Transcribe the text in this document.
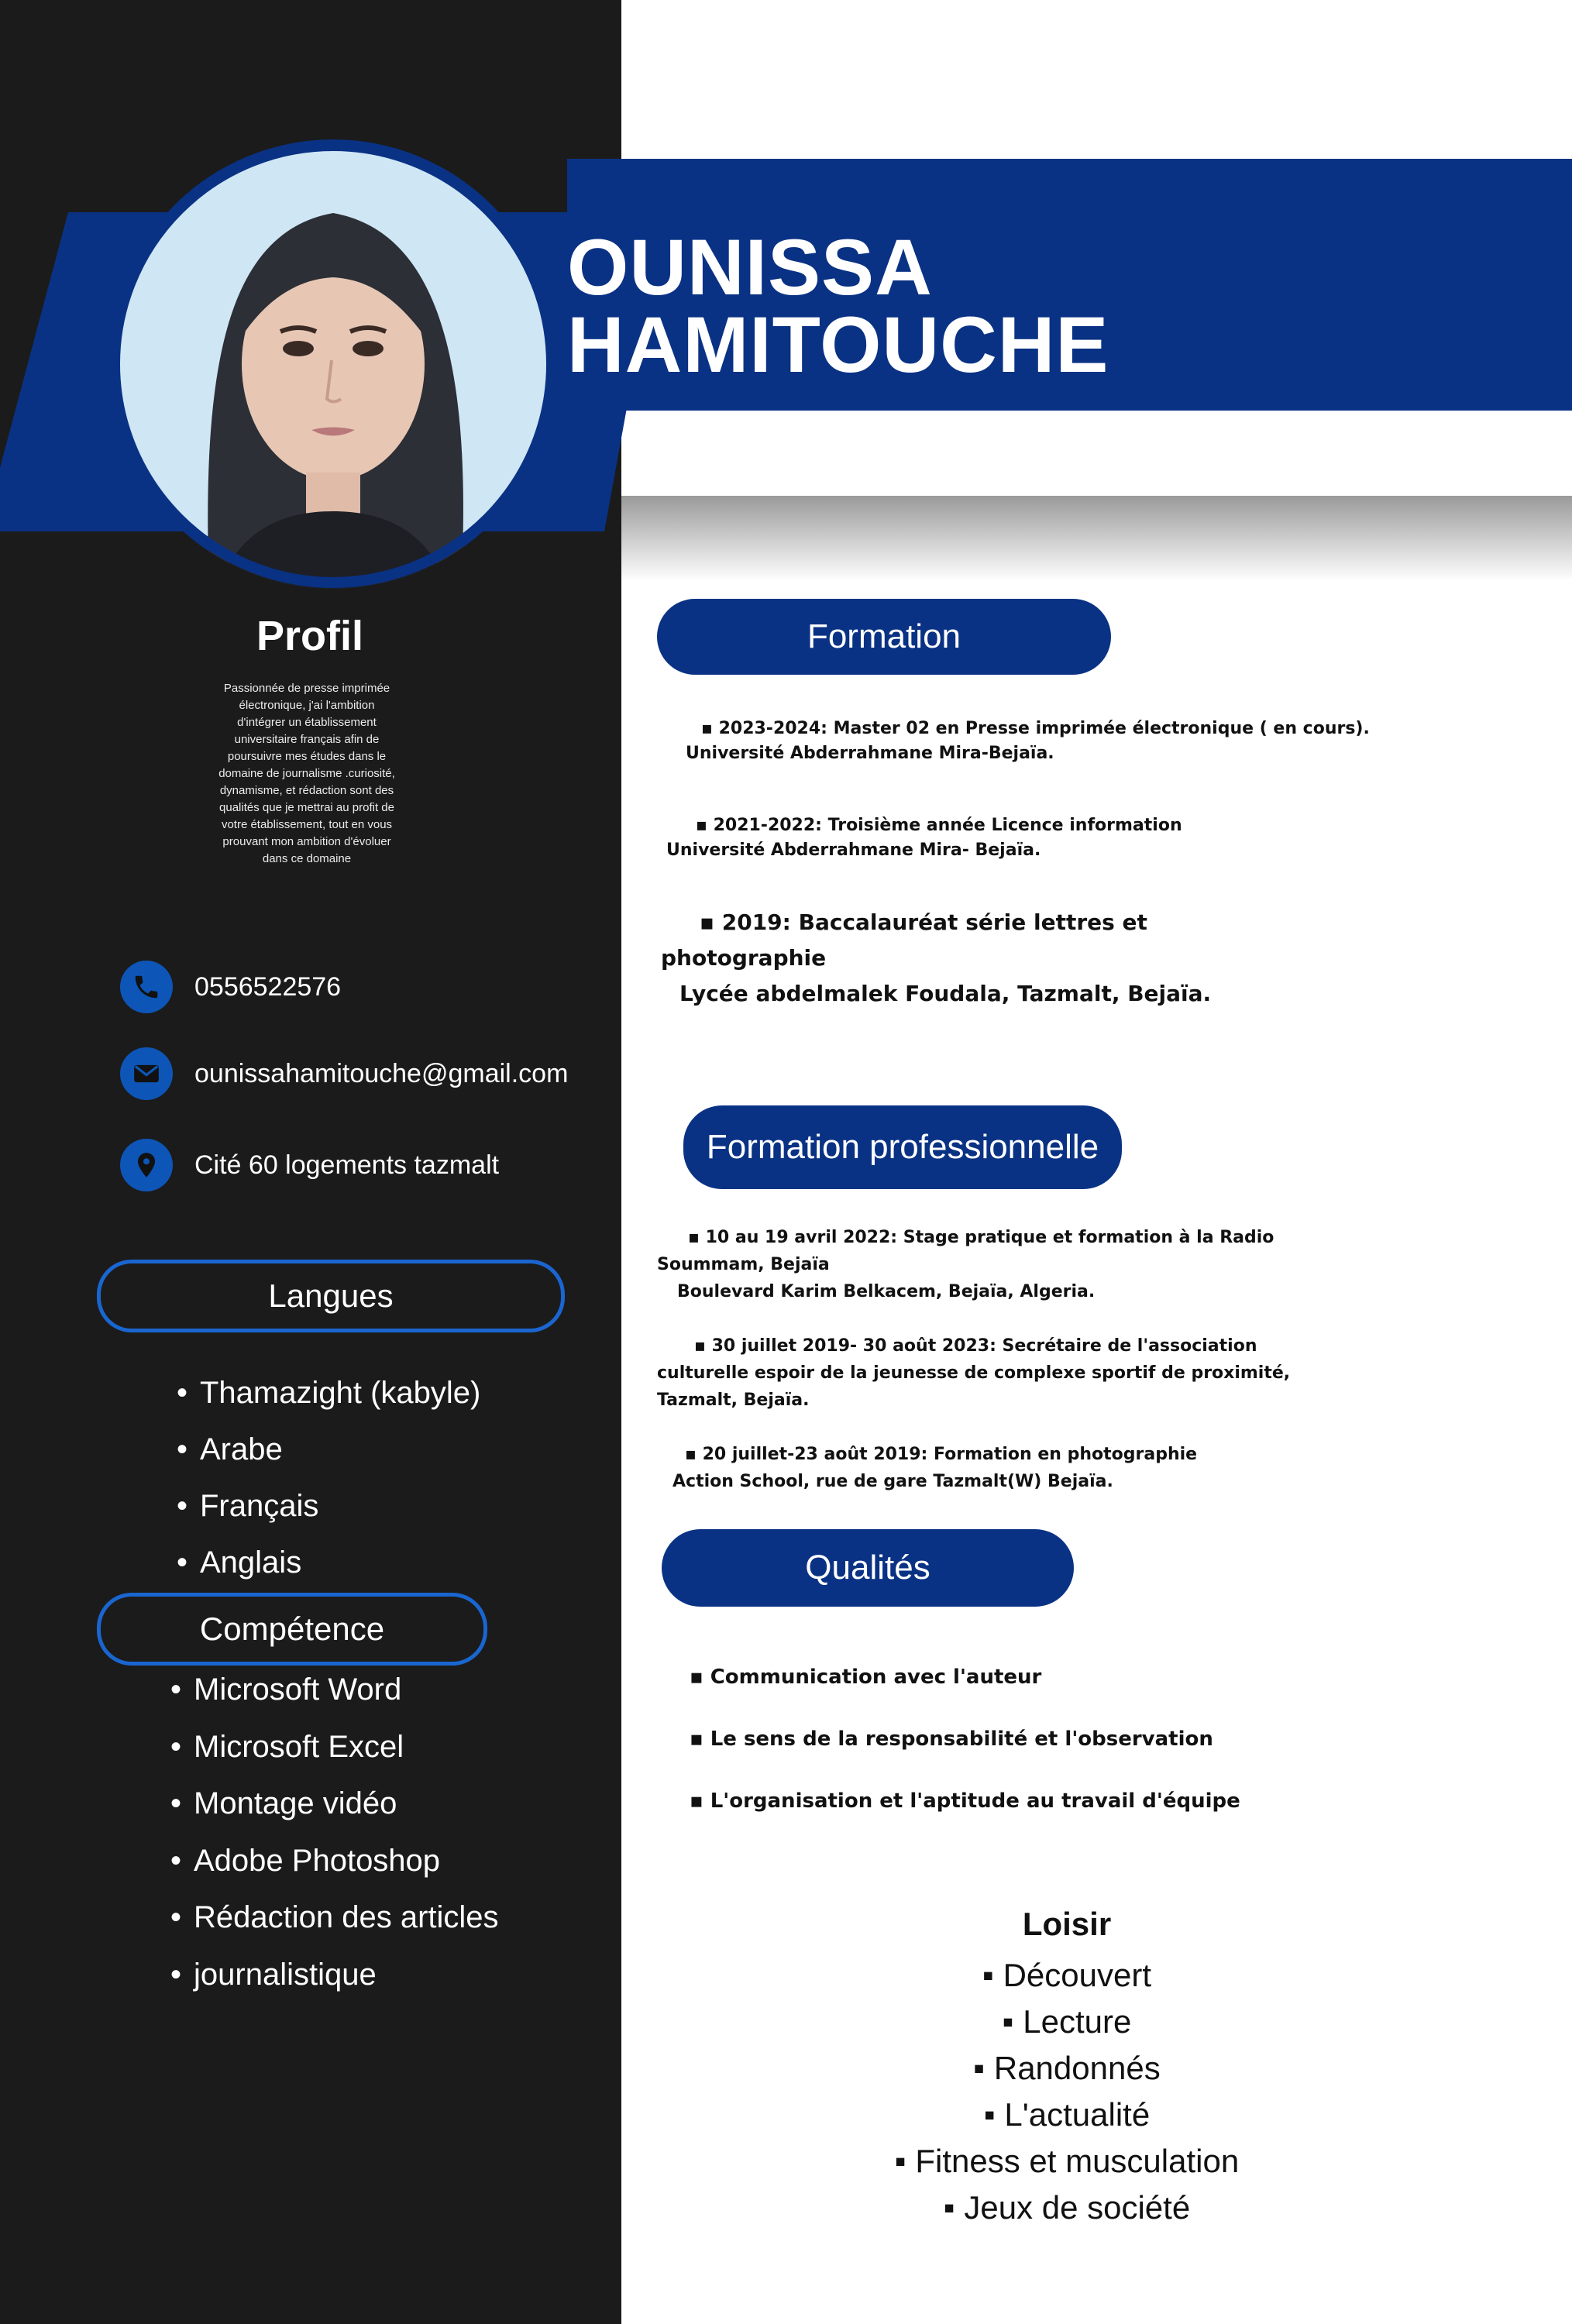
OUNISSA
HAMITOUCHE
Profil

Passionnée de presse imprimée électronique, j'ai l'ambition d'intégrer un établissement universitaire français afin de poursuivre mes études dans le domaine de journalisme .curiosité, dynamisme, et rédaction sont des qualités que je mettrai au profit de votre établissement, tout en vous prouvant mon ambition d'évoluer dans ce domaine

0556522576
ounissahamitouche@gmail.com
Cité 60 logements tazmalt
Langues
• Thamazight (kabyle)
• Arabe
• Français
• Anglais
Compétence
• Microsoft Word
• Microsoft Excel
• Montage vidéo
• Adobe Photoshop
• Rédaction des articles
• journalistique
Formation
▪ 2023-2024: Master 02 en Presse imprimée électronique ( en cours).
Université Abderrahmane Mira-Bejaïa.
▪ 2021-2022: Troisième année Licence information
Université Abderrahmane Mira- Bejaïa.
▪ 2019: Baccalauréat série lettres et
photographie
Lycée abdelmalek Foudala, Tazmalt, Bejaïa.
Formation professionnelle
▪ 10 au 19 avril 2022: Stage pratique et formation à la Radio
Soummam, Bejaïa
Boulevard Karim Belkacem, Bejaïa, Algeria.
▪ 30 juillet 2019- 30 août 2023: Secrétaire de l'association
culturelle espoir de la jeunesse de complexe sportif de proximité,
Tazmalt, Bejaïa.
▪ 20 juillet-23 août 2019: Formation en photographie
Action School, rue de gare Tazmalt(W) Bejaïa.
Qualités

▪ Communication avec l'auteur

▪ Le sens de la responsabilité et l'observation

▪ L'organisation et l'aptitude au travail d'équipe

Loisir
▪ Découvert
▪ Lecture
▪ Randonnés
▪ L'actualité
▪ Fitness et musculation
▪ Jeux de société
